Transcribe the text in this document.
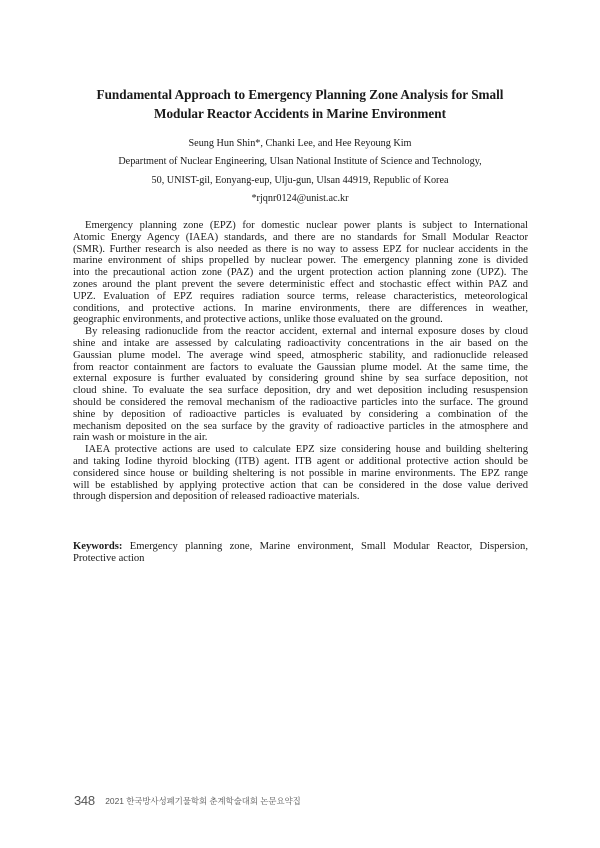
Fundamental Approach to Emergency Planning Zone Analysis for Small
Modular Reactor Accidents in Marine Environment
Seung Hun Shin*, Chanki Lee, and Hee Reyoung Kim
Department of Nuclear Engineering, Ulsan National Institute of Science and Technology,
50, UNIST-gil, Eonyang-eup, Ulju-gun, Ulsan 44919, Republic of Korea
*rjqnr0124@unist.ac.kr
Emergency planning zone (EPZ) for domestic nuclear power plants is subject to International
Atomic Energy Agency (IAEA) standards, and there are no standards for Small Modular Reactor
(SMR). Further research is also needed as there is no way to assess EPZ for nuclear accidents in the
marine environment of ships propelled by nuclear power. The emergency planning zone is divided
into the precautional action zone (PAZ) and the urgent protection action planning zone (UPZ). The
zones around the plant prevent the severe deterministic effect and stochastic effect within PAZ and
UPZ. Evaluation of EPZ requires radiation source terms, release characteristics, meteorological
conditions, and protective actions. In marine environments, there are differences in weather,
geographic environments, and protective actions, unlike those evaluated on the ground.
By releasing radionuclide from the reactor accident, external and internal exposure doses by cloud
shine and intake are assessed by calculating radioactivity concentrations in the air based on the
Gaussian plume model. The average wind speed, atmospheric stability, and radionuclide released
from reactor containment are factors to evaluate the Gaussian plume model. At the same time, the
external exposure is further evaluated by considering ground shine by sea surface deposition, not
cloud shine. To evaluate the sea surface deposition, dry and wet deposition including resuspension
should be considered the removal mechanism of the radioactive particles into the surface. The ground
shine by deposition of radioactive particles is evaluated by considering a combination of the
mechanism deposited on the sea surface by the gravity of radioactive particles in the atmosphere and
rain wash or moisture in the air.
IAEA protective actions are used to calculate EPZ size considering house and building sheltering
and taking Iodine thyroid blocking (ITB) agent. ITB agent or additional protective action should be
considered since house or building sheltering is not possible in marine environments. The EPZ range
will be established by applying protective action that can be considered in the dose value derived
through dispersion and deposition of released radioactive materials.
Keywords: Emergency planning zone, Marine environment, Small Modular Reactor, Dispersion,
Protective action
348 2021 한국방사성폐기물학회 춘계학술대회 논문요약집
